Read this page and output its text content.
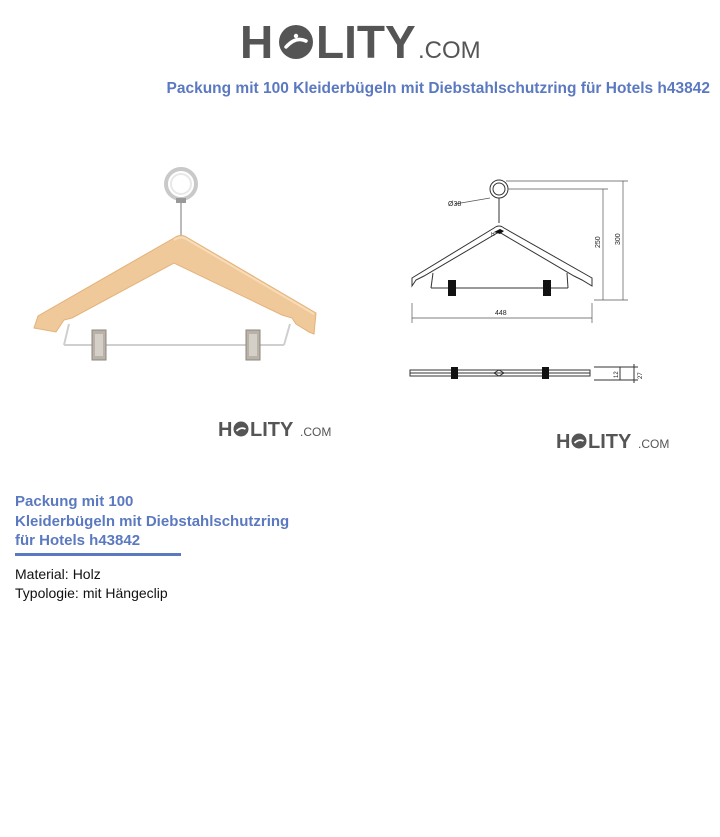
H LITY .COM
Packung mit 100 Kleiderbügeln mit Diebstahlschutzring für Hotels h43842
H LITY .COM
H
Ø38
250 300
448
12	27
H LITY .COM
Packung mit 100
Kleiderbügeln mit Diebstahlschutzring
für Hotels h43842
Material: Holz
Typologie: mit Hängeclip
